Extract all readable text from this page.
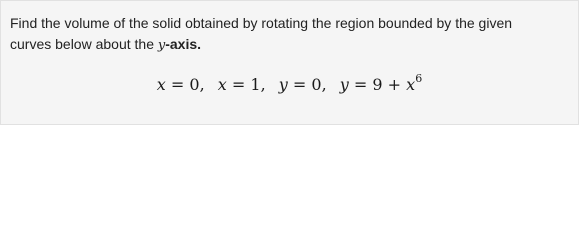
Find the volume of the solid obtained by rotating the region bounded by the given
curves below about the y-axis.
x = 0, x = 1, y = 0, $y = 9 + x^6$
